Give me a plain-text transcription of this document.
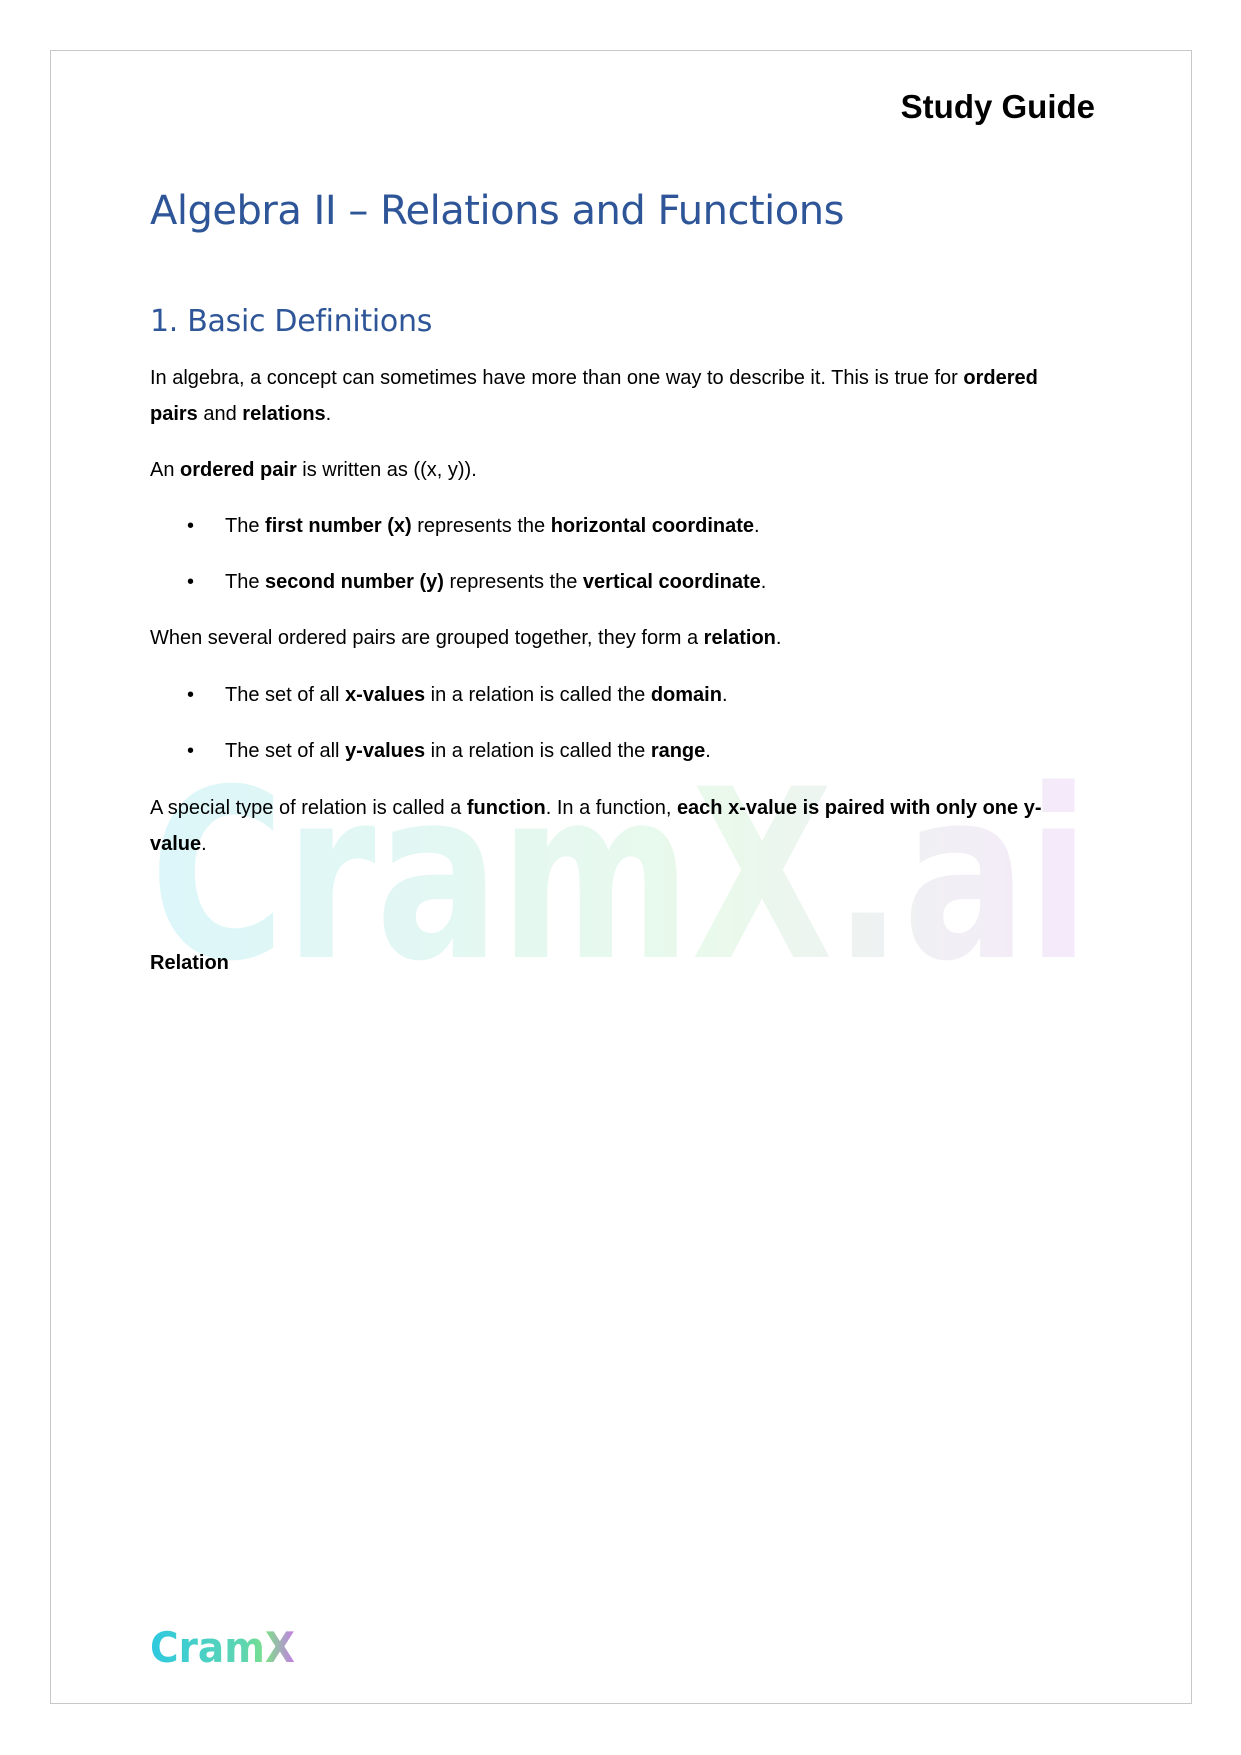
Study Guide
Algebra II – Relations and Functions
1. Basic Definitions
In algebra, a concept can sometimes have more than one way to describe it. This is true for ordered pairs and relations.
An ordered pair is written as ((x, y)).
• The first number (x) represents the horizontal coordinate.
• The second number (y) represents the vertical coordinate.
When several ordered pairs are grouped together, they form a relation.
• The set of all x-values in a relation is called the domain.
• The set of all y-values in a relation is called the range.
CramX.ai
A special type of relation is called a function. In a function, each x-value is paired with only one y-value.
Relation
CramX
